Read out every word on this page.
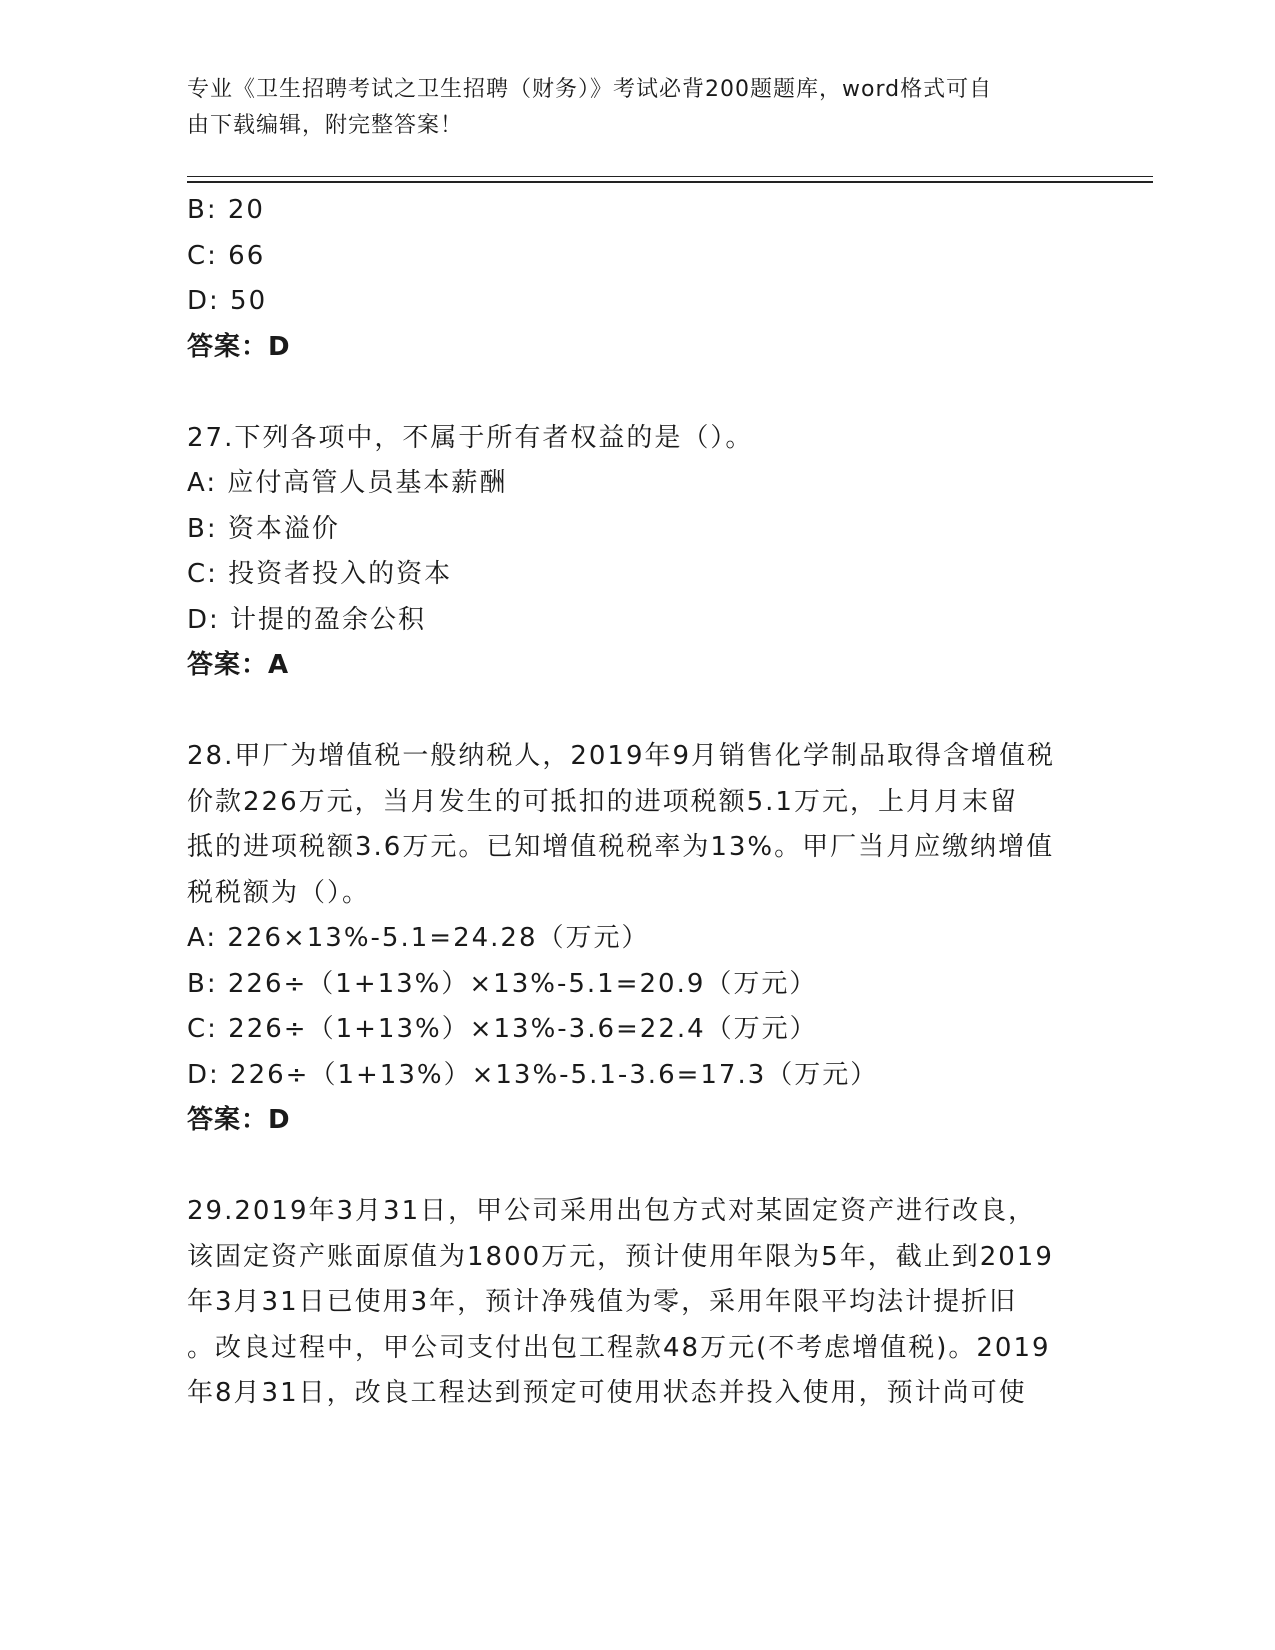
专业《卫生招聘考试之卫生招聘（财务）》考试必背200题题库，word格式可自
由下载编辑，附完整答案！
B: 20
C: 66
D: 50
答案：D
27.下列各项中，不属于所有者权益的是（）。
A: 应付高管人员基本薪酬
B: 资本溢价
C: 投资者投入的资本
D: 计提的盈余公积
答案：A
28.甲厂为增值税一般纳税人，2019年9月销售化学制品取得含增值税
价款226万元，当月发生的可抵扣的进项税额5.1万元，上月月末留
抵的进项税额3.6万元。已知增值税税率为13%。甲厂当月应缴纳增值
税税额为（）。
A: 226×13%-5.1=24.28（万元）
B: 226÷（1+13%）×13%-5.1=20.9（万元）
C: 226÷（1+13%）×13%-3.6=22.4（万元）
D: 226÷（1+13%）×13%-5.1-3.6=17.3（万元）
答案：D
29.2019年3月31日，甲公司采用出包方式对某固定资产进行改良，
该固定资产账面原值为1800万元，预计使用年限为5年，截止到2019
年3月31日已使用3年，预计净残值为零，采用年限平均法计提折旧
。改良过程中，甲公司支付出包工程款48万元(不考虑增值税)。2019
年8月31日，改良工程达到预定可使用状态并投入使用，预计尚可使
